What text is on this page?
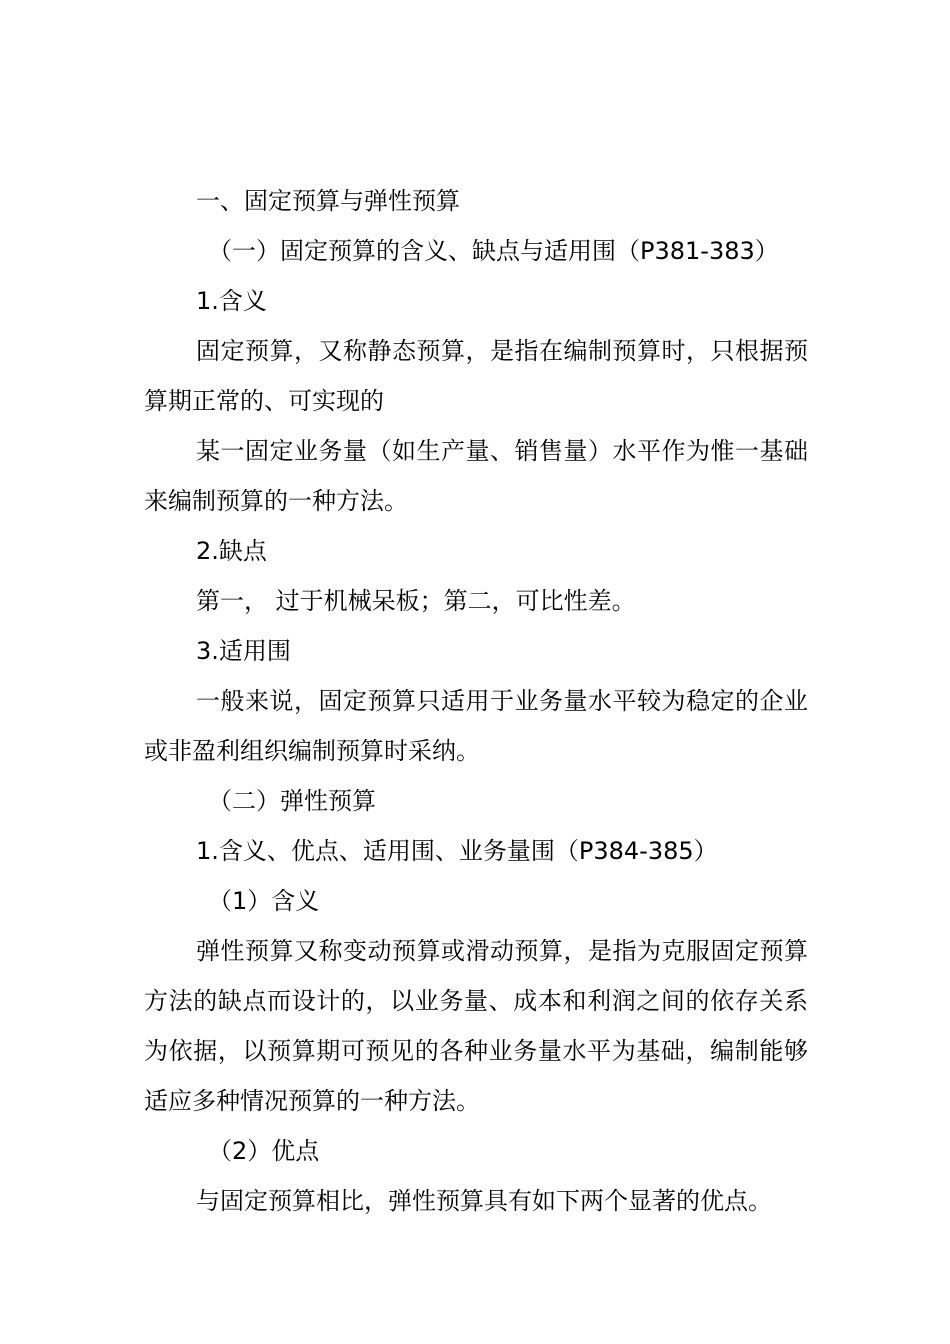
一、固定预算与弹性预算

（一）固定预算的含义、缺点与适用围（P381-383）

1.含义

固定预算，又称静态预算，是指在编制预算时，只根据预算期正常的、可实现的

某一固定业务量（如生产量、销售量）水平作为惟一基础来编制预算的一种方法。

2.缺点

第一， 过于机械呆板；第二，可比性差。

3.适用围

一般来说，固定预算只适用于业务量水平较为稳定的企业或非盈利组织编制预算时采纳。

（二）弹性预算

1.含义、优点、适用围、业务量围（P384-385）

（1）含义

弹性预算又称变动预算或滑动预算，是指为克服固定预算方法的缺点而设计的，以业务量、成本和利润之间的依存关系为依据，以预算期可预见的各种业务量水平为基础，编制能够适应多种情况预算的一种方法。

（2）优点

与固定预算相比，弹性预算具有如下两个显著的优点。
